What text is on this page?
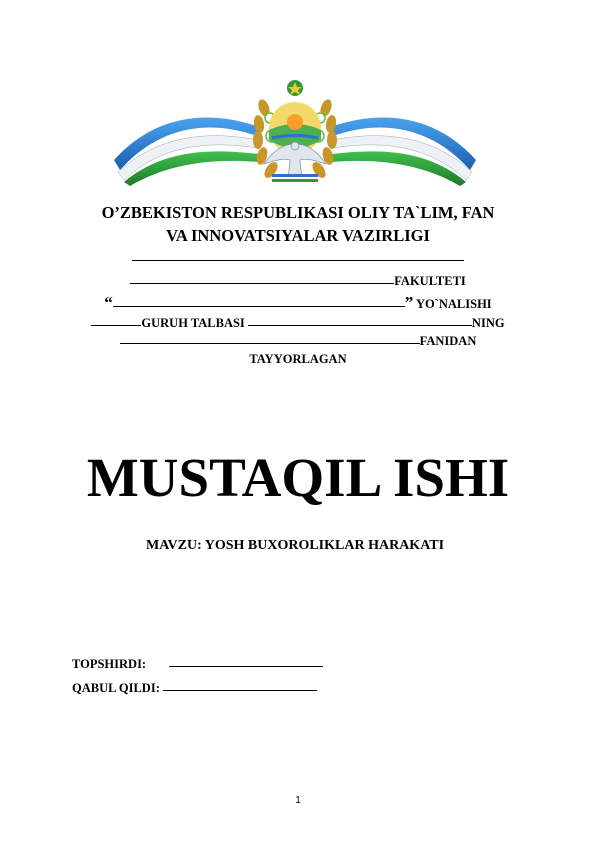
O’ZBEKISTON RESPUBLIKASI OLIY TA`LIM, FAN
VA INNOVATSIYALAR VAZIRLIGI
FAKULTETI
“	” YO`NALISHI
GURUH TALBASI	NING
FANIDAN
TAYYORLAGAN
MUSTAQIL ISHI
MAVZU: YOSH BUXOROLIKLAR HARAKATI
TOPSHIRDI:
QABUL QILDI:
1
